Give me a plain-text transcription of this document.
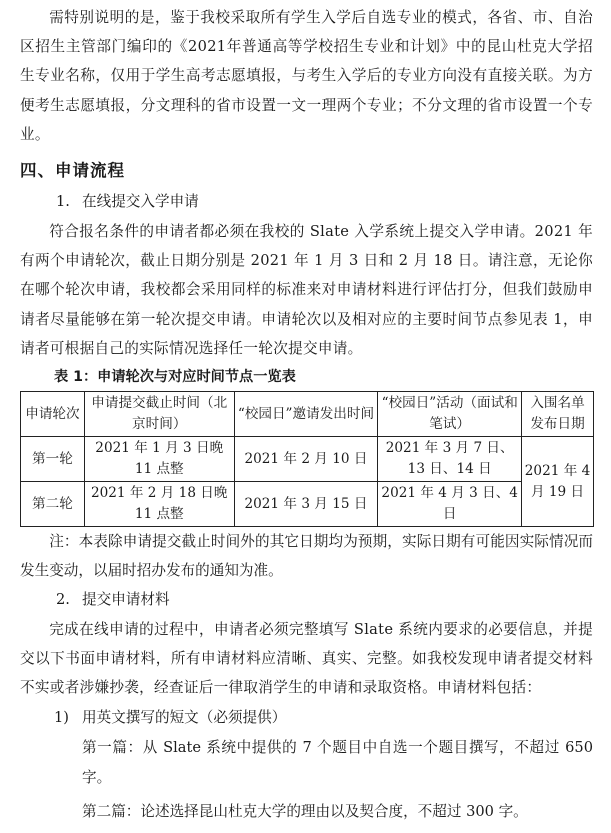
需特别说明的是，鉴于我校采取所有学生入学后自选专业的模式，各省、市、自治区招生主管部门编印的《2021年普通高等学校招生专业和计划》中的昆山杜克大学招生专业名称，仅用于学生高考志愿填报，与考生入学后的专业方向没有直接关联。为方便考生志愿填报，分文理科的省市设置一文一理两个专业；不分文理的省市设置一个专业。

四、申请流程

1. 在线提交入学申请

符合报名条件的申请者都必须在我校的 Slate 入学系统上提交入学申请。2021 年有两个申请轮次，截止日期分别是 2021 年 1 月 3 日和 2 月 18 日。请注意，无论你在哪个轮次申请，我校都会采用同样的标准来对申请材料进行评估打分，但我们鼓励申请者尽量能够在第一轮次提交申请。申请轮次以及相对应的主要时间节点参见表 1，申请者可根据自己的实际情况选择任一轮次提交申请。

表 1：申请轮次与对应时间节点一览表

申请轮次	申请提交截止时间（北京时间）	“校园日”邀请发出时间	“校园日”活动（面试和笔试）	入围名单发布日期
第一轮	2021 年 1 月 3 日晚 11 点整	2021 年 2 月 10 日	2021 年 3 月 7 日、13 日、14 日	2021 年 4 月 19 日
第二轮	2021 年 2 月 18 日晚 11 点整	2021 年 3 月 15 日	2021 年 4 月 3 日、4 日	

注：本表除申请提交截止时间外的其它日期均为预期，实际日期有可能因实际情况而发生变动，以届时招办发布的通知为准。

2. 提交申请材料

完成在线申请的过程中，申请者必须完整填写 Slate 系统内要求的必要信息，并提交以下书面申请材料，所有申请材料应清晰、真实、完整。如我校发现申请者提交材料不实或者涉嫌抄袭，经查证后一律取消学生的申请和录取资格。申请材料包括：

1) 用英文撰写的短文（必须提供）

第一篇：从 Slate 系统中提供的 7 个题目中自选一个题目撰写，不超过 650 字。

第二篇：论述选择昆山杜克大学的理由以及契合度，不超过 300 字。
